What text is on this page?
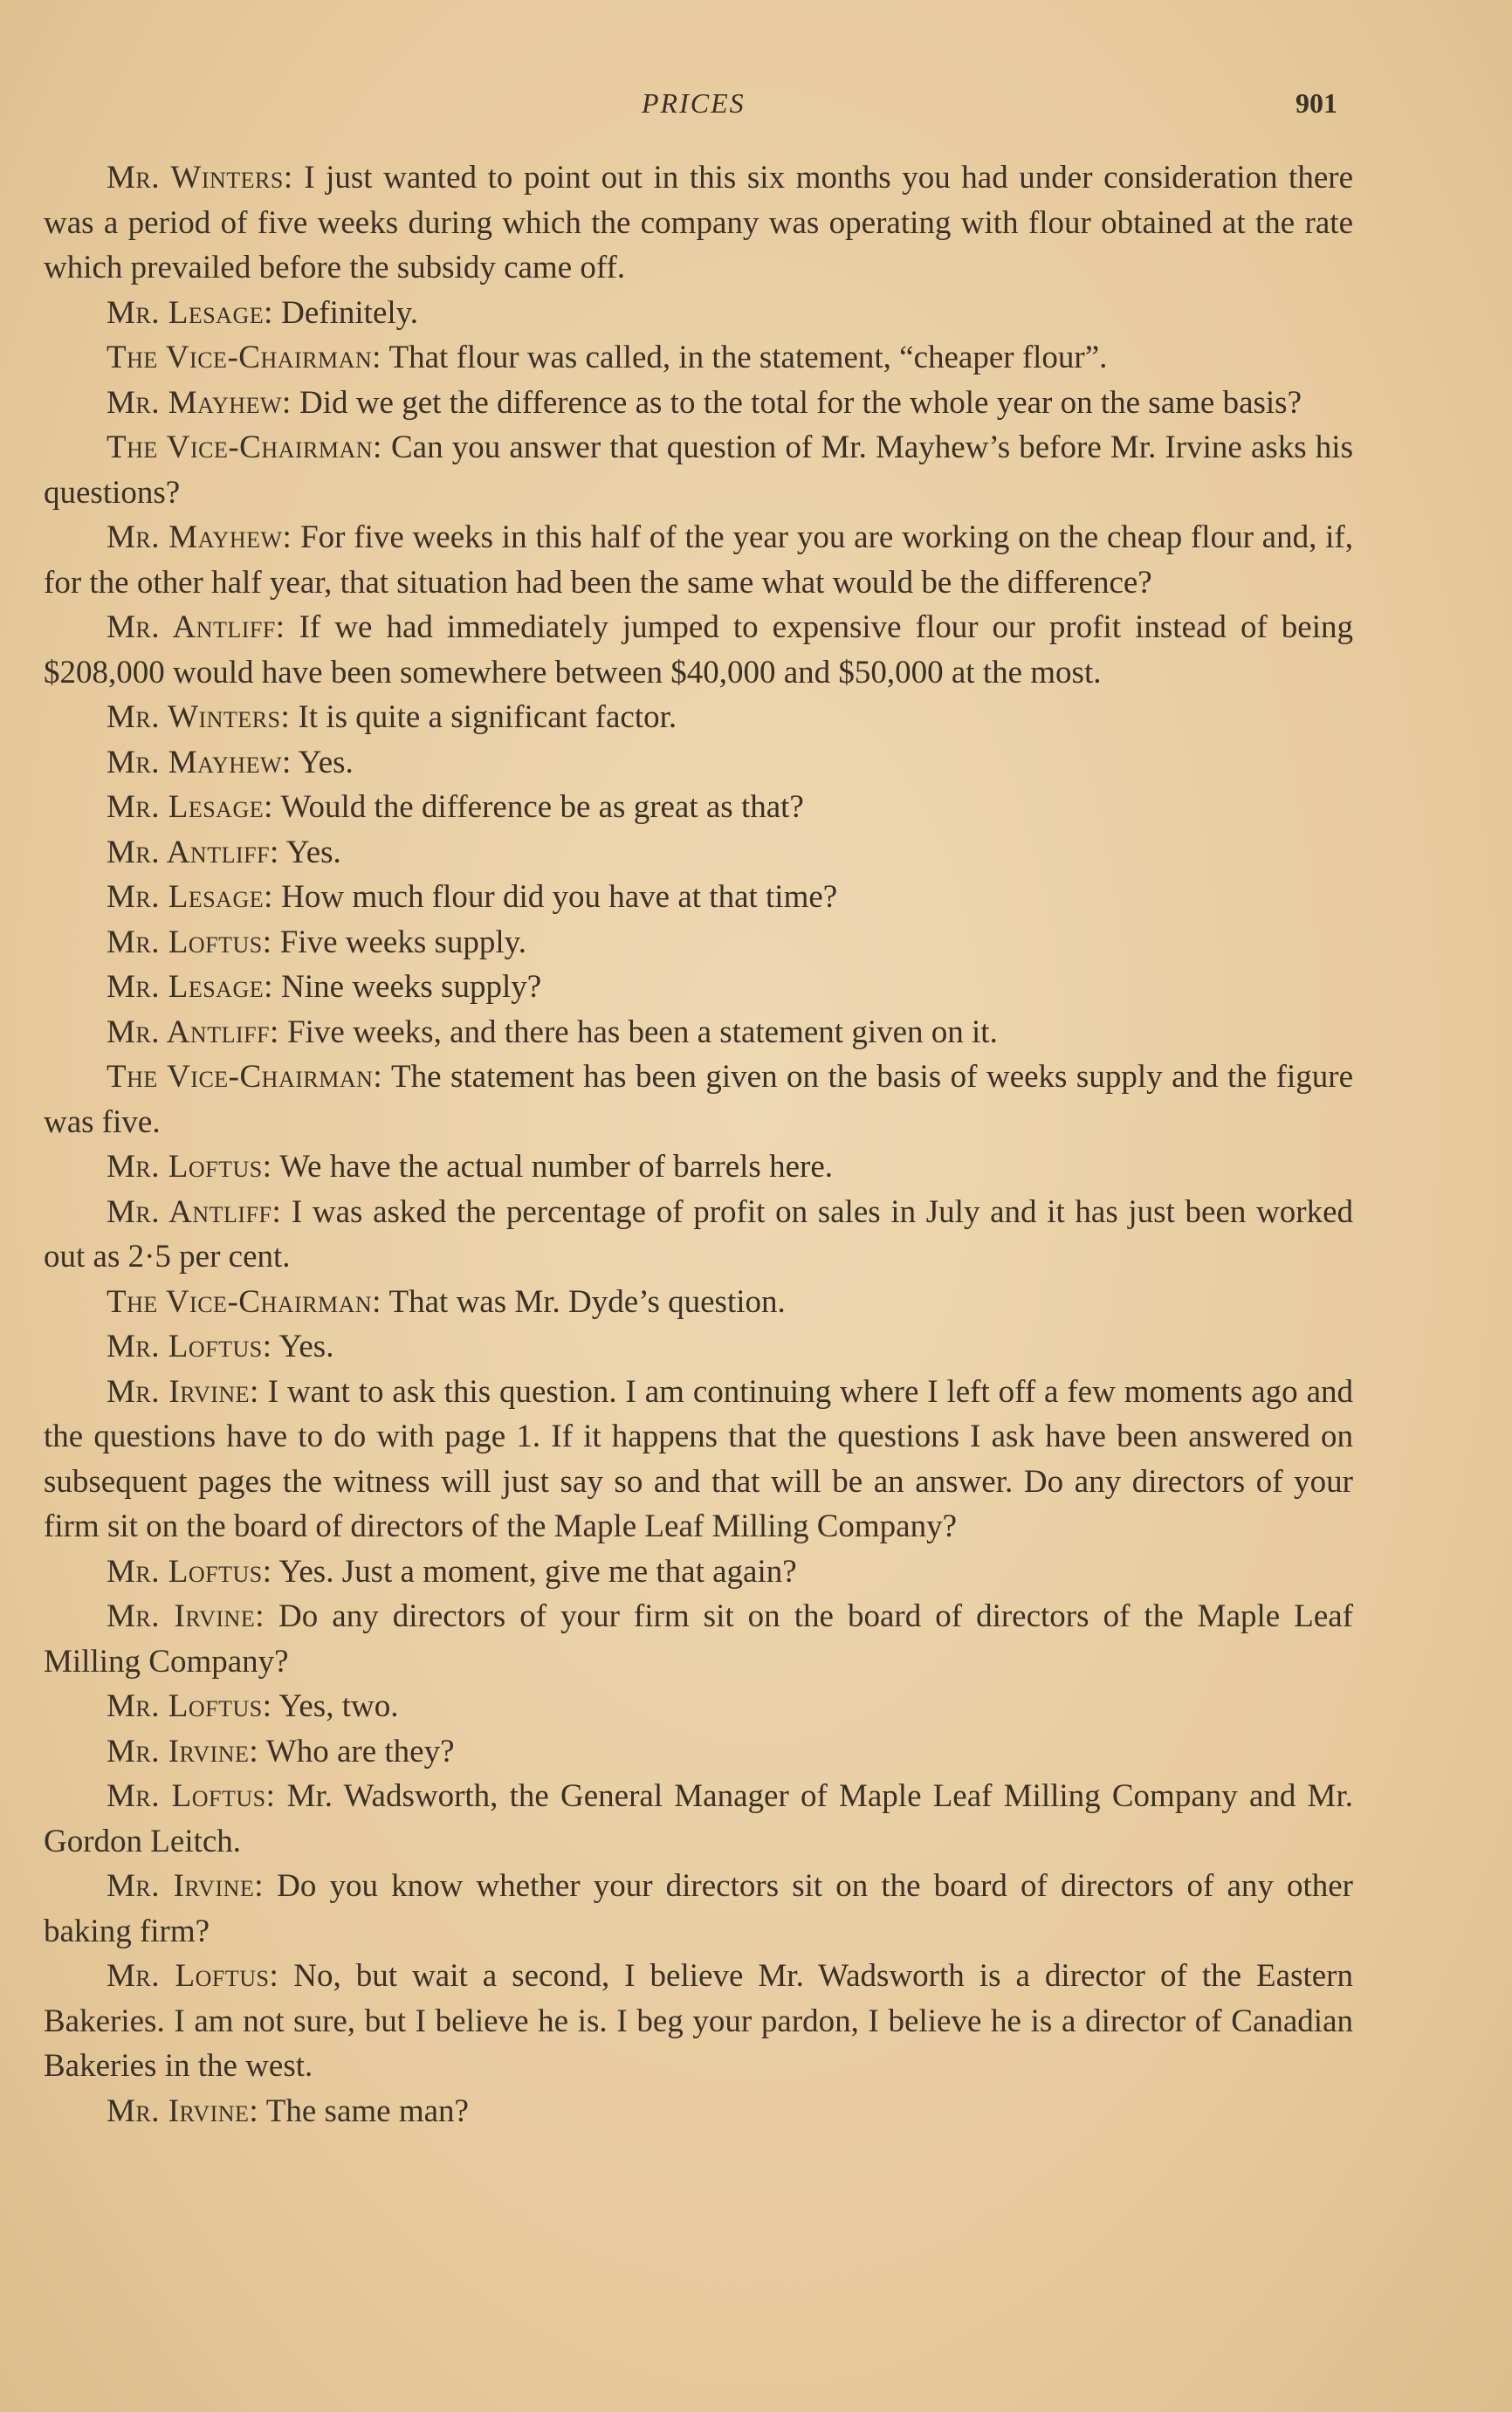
PRICES	901

Mr. Winters: I just wanted to point out in this six months you had under consideration there was a period of five weeks during which the company was operating with flour obtained at the rate which prevailed before the subsidy came off.

Mr. Lesage: Definitely.

The Vice-Chairman: That flour was called, in the statement, “cheaper flour”.

Mr. Mayhew: Did we get the difference as to the total for the whole year on the same basis?

The Vice-Chairman: Can you answer that question of Mr. Mayhew’s before Mr. Irvine asks his questions?

Mr. Mayhew: For five weeks in this half of the year you are working on the cheap flour and, if, for the other half year, that situation had been the same what would be the difference?

Mr. Antliff: If we had immediately jumped to expensive flour our profit instead of being $208,000 would have been somewhere between $40,000 and $50,000 at the most.

Mr. Winters: It is quite a significant factor.

Mr. Mayhew: Yes.

Mr. Lesage: Would the difference be as great as that?

Mr. Antliff: Yes.

Mr. Lesage: How much flour did you have at that time?

Mr. Loftus: Five weeks supply.

Mr. Lesage: Nine weeks supply?

Mr. Antliff: Five weeks, and there has been a statement given on it.

The Vice-Chairman: The statement has been given on the basis of weeks supply and the figure was five.

Mr. Loftus: We have the actual number of barrels here.

Mr. Antliff: I was asked the percentage of profit on sales in July and it has just been worked out as 2·5 per cent.

The Vice-Chairman: That was Mr. Dyde’s question.

Mr. Loftus: Yes.

Mr. Irvine: I want to ask this question. I am continuing where I left off a few moments ago and the questions have to do with page 1. If it happens that the questions I ask have been answered on subsequent pages the witness will just say so and that will be an answer. Do any directors of your firm sit on the board of directors of the Maple Leaf Milling Company?

Mr. Loftus: Yes. Just a moment, give me that again?

Mr. Irvine: Do any directors of your firm sit on the board of directors of the Maple Leaf Milling Company?

Mr. Loftus: Yes, two.

Mr. Irvine: Who are they?

Mr. Loftus: Mr. Wadsworth, the General Manager of Maple Leaf Milling Company and Mr. Gordon Leitch.

Mr. Irvine: Do you know whether your directors sit on the board of directors of any other baking firm?

Mr. Loftus: No, but wait a second, I believe Mr. Wadsworth is a director of the Eastern Bakeries. I am not sure, but I believe he is. I beg your pardon, I believe he is a director of Canadian Bakeries in the west.

Mr. Irvine: The same man?
